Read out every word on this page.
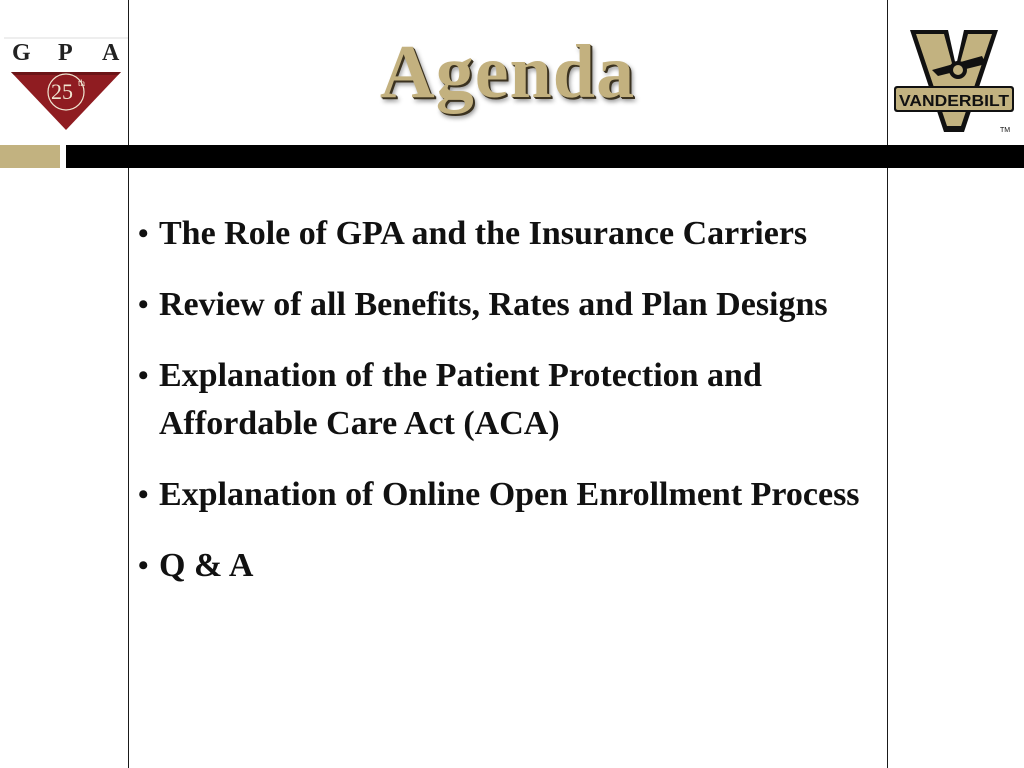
25 th
G P A	Agenda	VANDERBILT
TM
• The Role of GPA and the Insurance Carriers
• Review of all Benefits, Rates and Plan Designs
• Explanation of the Patient Protection and Affordable Care Act (ACA)
• Explanation of Online Open Enrollment Process
• Q & A
